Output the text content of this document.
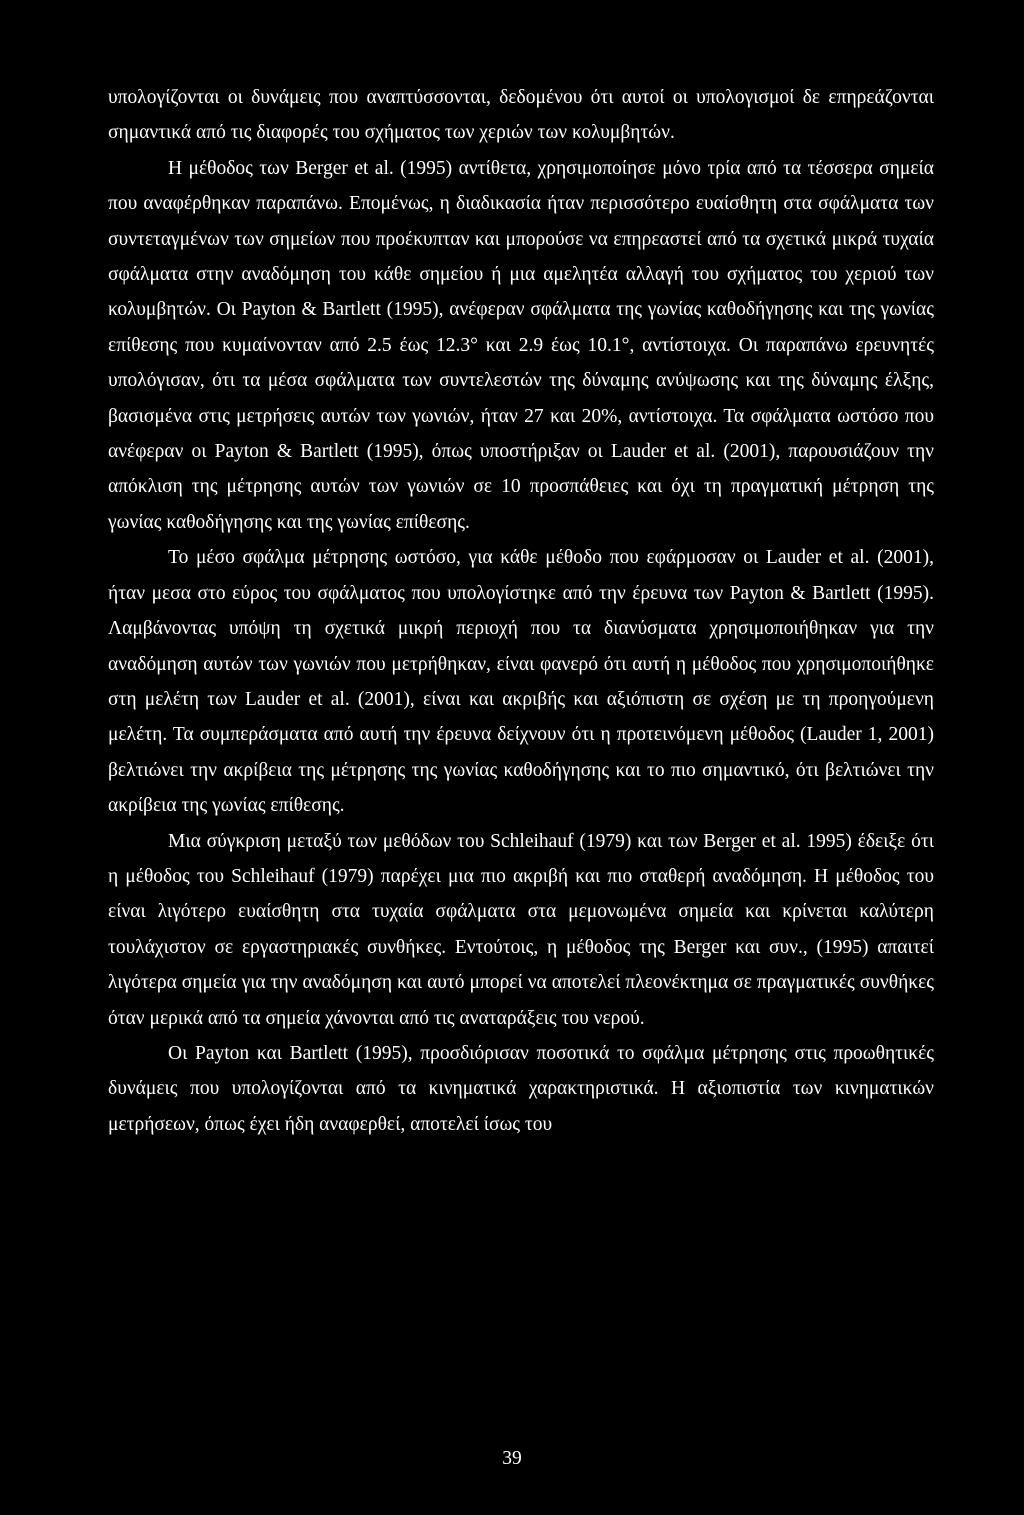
υπολογίζονται οι δυνάμεις που αναπτύσσονται, δεδομένου ότι αυτοί οι υπολογισμοί δε επηρεάζονται σημαντικά από τις διαφορές του σχήματος των χεριών των κολυμβητών.

Η μέθοδος των Berger et al. (1995) αντίθετα, χρησιμοποίησε μόνο τρία από τα τέσσερα σημεία που αναφέρθηκαν παραπάνω. Επομένως, η διαδικασία ήταν περισσότερο ευαίσθητη στα σφάλματα των συντεταγμένων των σημείων που προέκυπταν και μπορούσε να επηρεαστεί από τα σχετικά μικρά τυχαία σφάλματα στην αναδόμηση του κάθε σημείου ή μια αμελητέα αλλαγή του σχήματος του χεριού των κολυμβητών. Οι Payton & Bartlett (1995), ανέφεραν σφάλματα της γωνίας καθοδήγησης και της γωνίας επίθεσης που κυμαίνονταν από 2.5 έως 12.3° και 2.9 έως 10.1°, αντίστοιχα. Οι παραπάνω ερευνητές υπολόγισαν, ότι τα μέσα σφάλματα των συντελεστών της δύναμης ανύψωσης και της δύναμης έλξης, βασισμένα στις μετρήσεις αυτών των γωνιών, ήταν 27 και 20%, αντίστοιχα. Τα σφάλματα ωστόσο που ανέφεραν οι Payton & Bartlett (1995), όπως υποστήριξαν οι Lauder et al. (2001), παρουσιάζουν την απόκλιση της μέτρησης αυτών των γωνιών σε 10 προσπάθειες και όχι τη πραγματική μέτρηση της γωνίας καθοδήγησης και της γωνίας επίθεσης.

Το μέσο σφάλμα μέτρησης ωστόσο, για κάθε μέθοδο που εφάρμοσαν οι Lauder et al. (2001), ήταν μεσα στο εύρος του σφάλματος που υπολογίστηκε από την έρευνα των Payton & Bartlett (1995). Λαμβάνοντας υπόψη τη σχετικά μικρή περιοχή που τα διανύσματα χρησιμοποιήθηκαν για την αναδόμηση αυτών των γωνιών που μετρήθηκαν, είναι φανερό ότι αυτή η μέθοδος που χρησιμοποιήθηκε στη μελέτη των Lauder et al. (2001), είναι και ακριβής και αξιόπιστη σε σχέση με τη προηγούμενη μελέτη. Τα συμπεράσματα από αυτή την έρευνα δείχνουν ότι η προτεινόμενη μέθοδος (Lauder 1, 2001) βελτιώνει την ακρίβεια της μέτρησης της γωνίας καθοδήγησης και το πιο σημαντικό, ότι βελτιώνει την ακρίβεια της γωνίας επίθεσης.

Μια σύγκριση μεταξύ των μεθόδων του Schleihauf (1979) και των Berger et al. 1995) έδειξε ότι η μέθοδος του Schleihauf (1979) παρέχει μια πιο ακριβή και πιο σταθερή αναδόμηση. Η μέθοδος του είναι λιγότερο ευαίσθητη στα τυχαία σφάλματα στα μεμονωμένα σημεία και κρίνεται καλύτερη τουλάχιστον σε εργαστηριακές συνθήκες. Εντούτοις, η μέθοδος της Berger και συν., (1995) απαιτεί λιγότερα σημεία για την αναδόμηση και αυτό μπορεί να αποτελεί πλεονέκτημα σε πραγματικές συνθήκες όταν μερικά από τα σημεία χάνονται από τις αναταράξεις του νερού.

Οι Payton και Bartlett (1995), προσδιόρισαν ποσοτικά το σφάλμα μέτρησης στις προωθητικές δυνάμεις που υπολογίζονται από τα κινηματικά χαρακτηριστικά. Η αξιοπιστία των κινηματικών μετρήσεων, όπως έχει ήδη αναφερθεί, αποτελεί ίσως του

39
